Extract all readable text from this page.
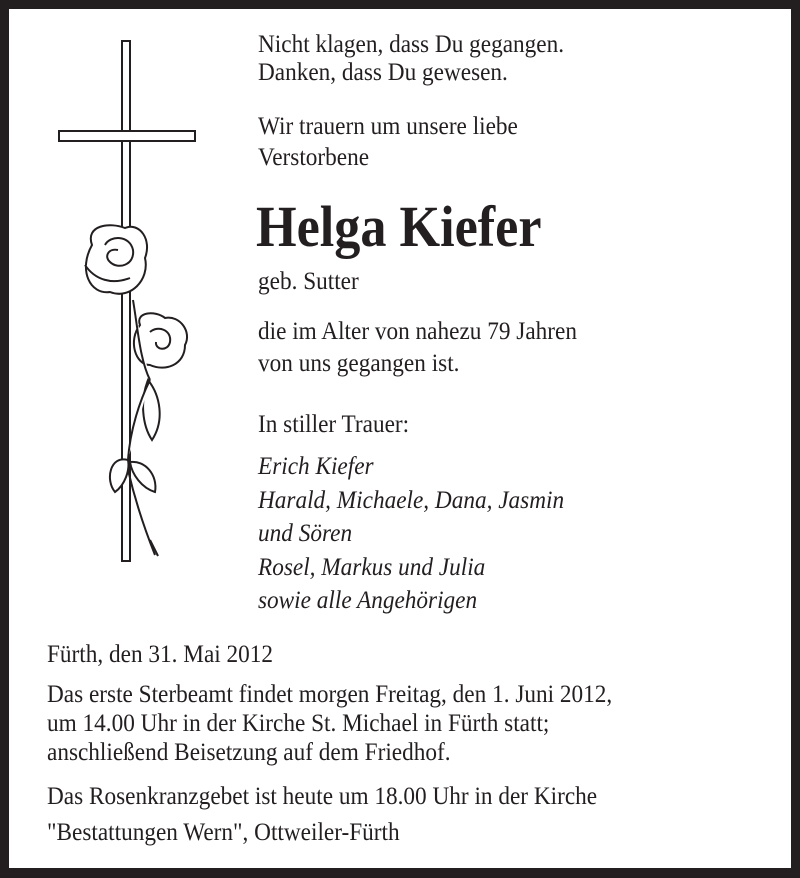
Nicht klagen, dass Du gegangen.
Danken, dass Du gewesen.
Wir trauern um unsere liebe
Verstorbene
Helga Kiefer
geb. Sutter
die im Alter von nahezu 79 Jahren
von uns gegangen ist.
In stiller Trauer:
Erich Kiefer
Harald, Michaele, Dana, Jasmin
und Sören
Rosel, Markus und Julia
sowie alle Angehörigen
Fürth, den 31. Mai 2012
Das erste Sterbeamt findet morgen Freitag, den 1. Juni 2012,
um 14.00 Uhr in der Kirche St. Michael in Fürth statt;
anschließend Beisetzung auf dem Friedhof.
Das Rosenkranzgebet ist heute um 18.00 Uhr in der Kirche
"Bestattungen Wern", Ottweiler-Fürth
